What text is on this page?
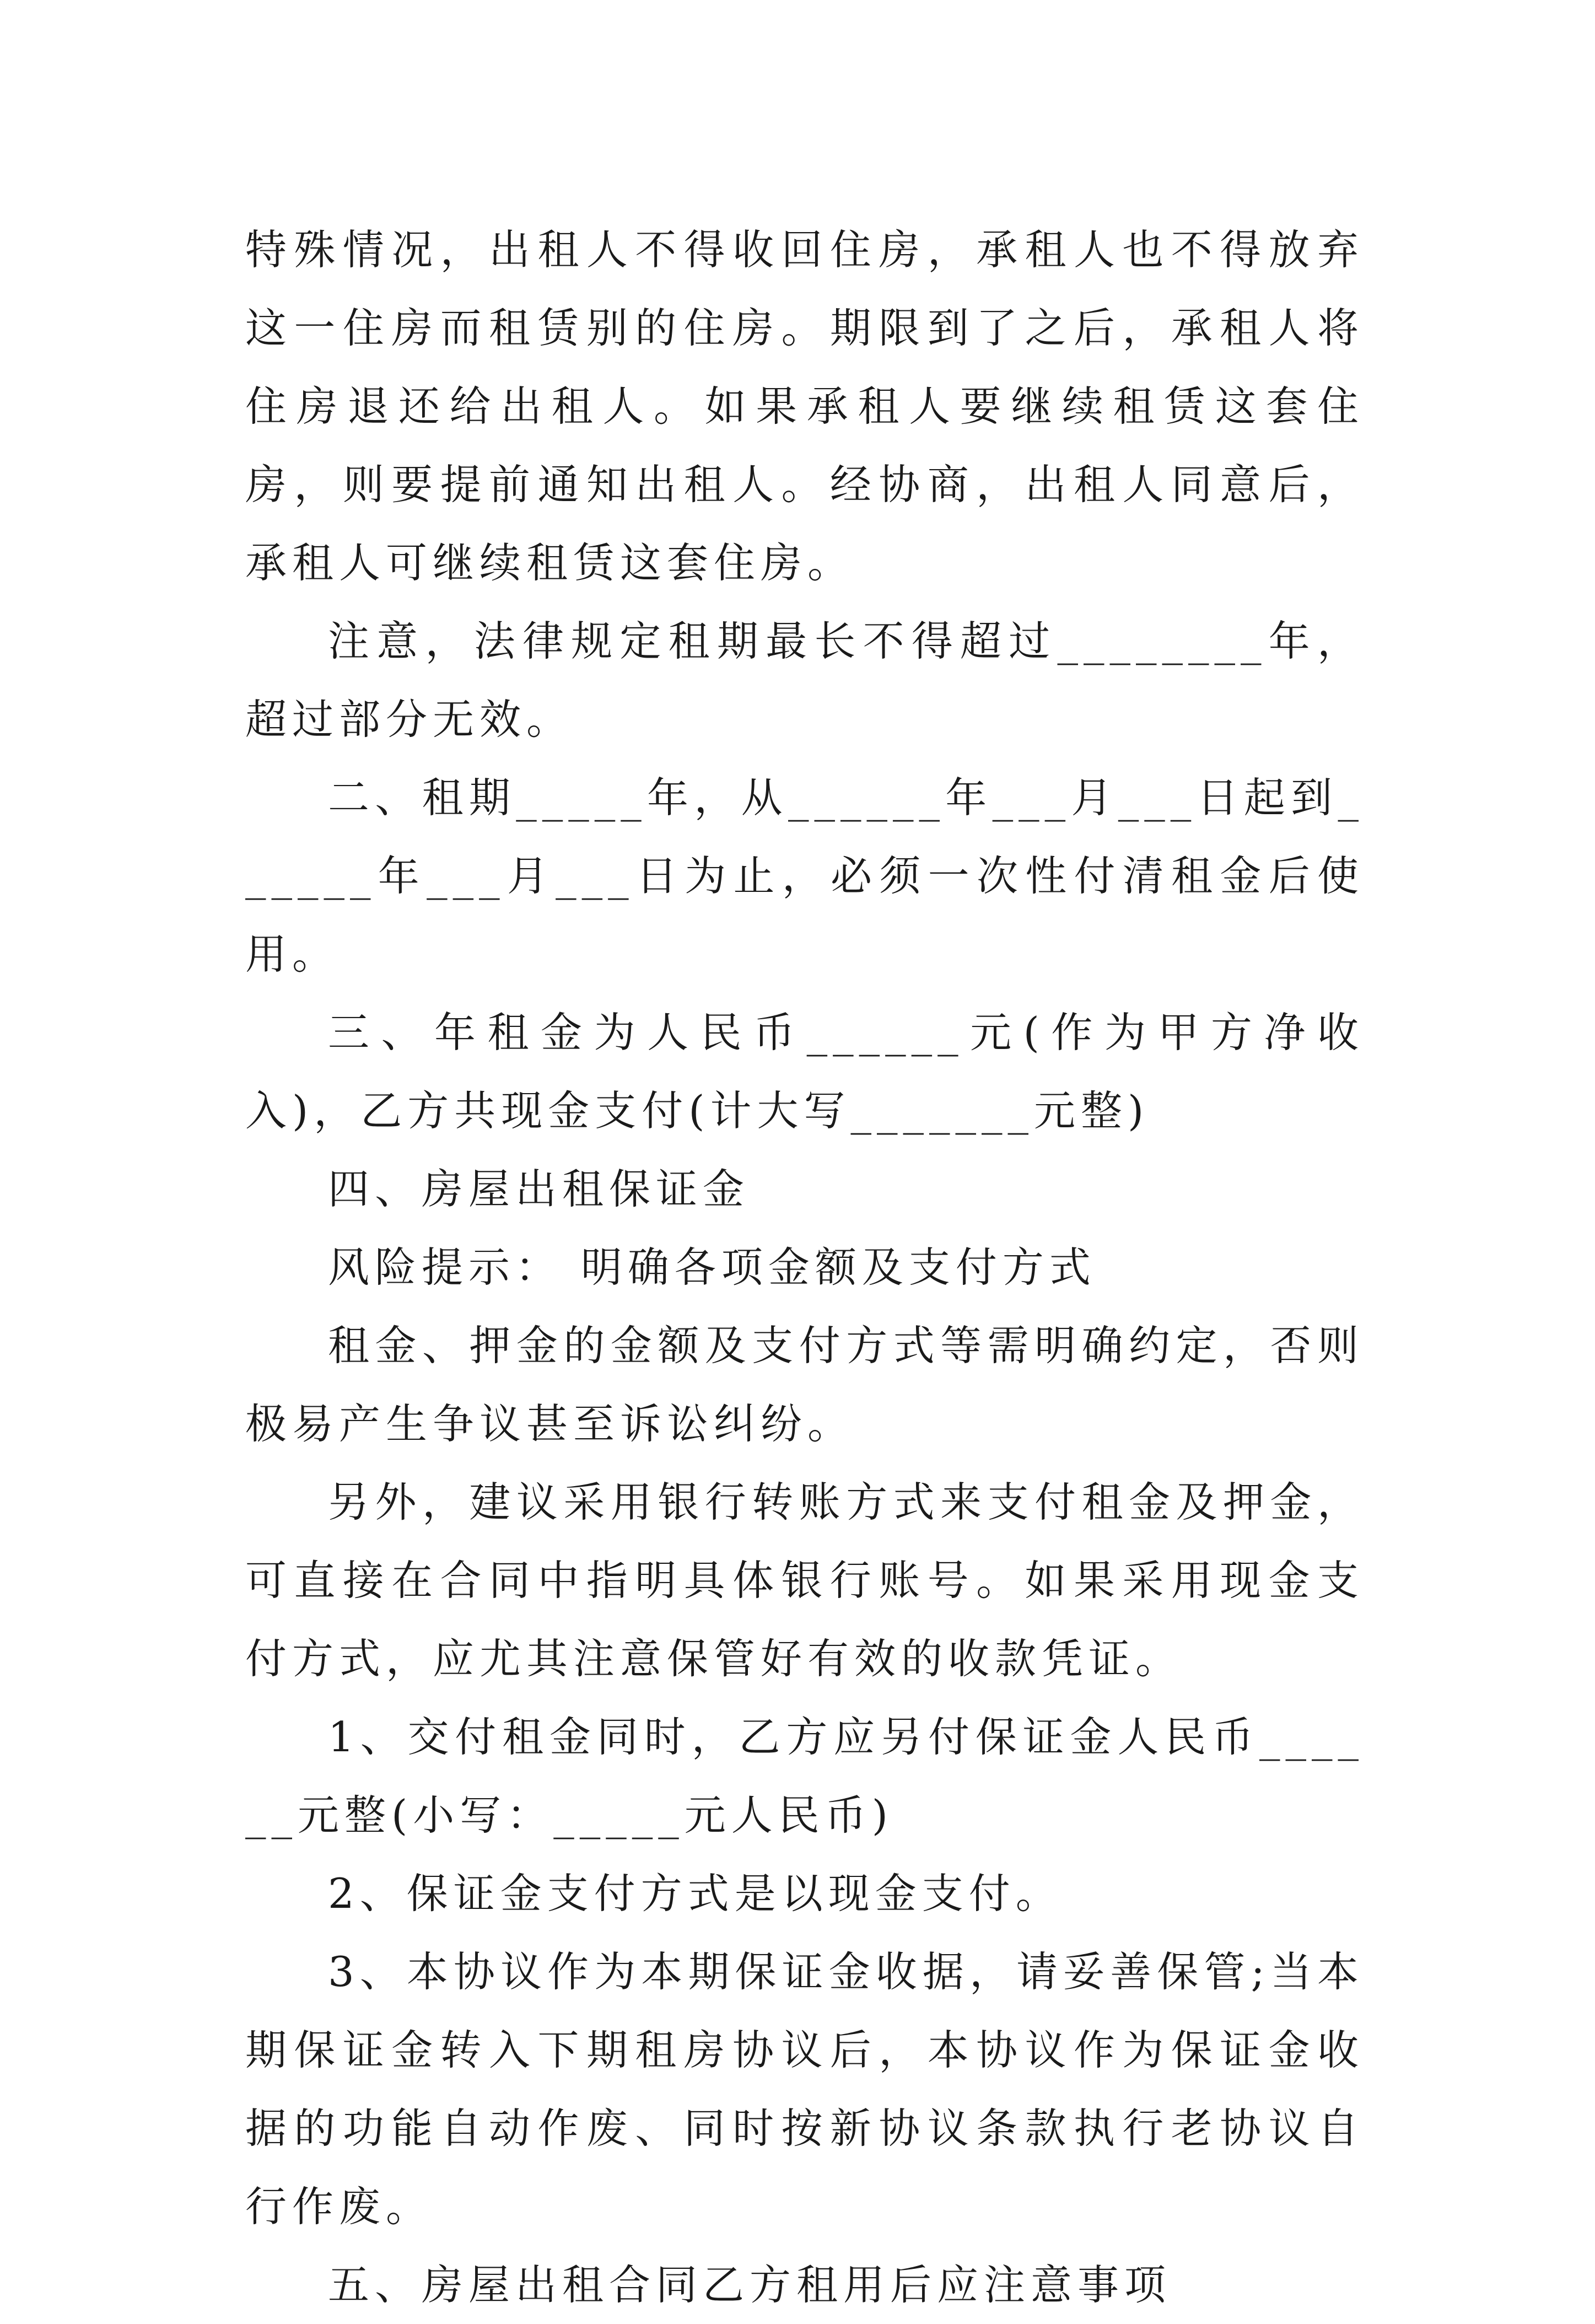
特殊情况，出租人不得收回住房，承租人也不得放弃这一住房而租赁别的住房。期限到了之后，承租人将住房退还给出租人。如果承租人要继续租赁这套住房，则要提前通知出租人。经协商，出租人同意后，承租人可继续租赁这套住房。

注意，法律规定租期最长不得超过________年，超过部分无效。

二、租期_____年，从______年___月___日起到______年___月___日为止，必须一次性付清租金后使用。

三、年租金为人民币______元(作为甲方净收入)，乙方共现金支付(计大写_______元整)

四、房屋出租保证金

风险提示： 明确各项金额及支付方式

租金、押金的金额及支付方式等需明确约定，否则极易产生争议甚至诉讼纠纷。

另外，建议采用银行转账方式来支付租金及押金，可直接在合同中指明具体银行账号。如果采用现金支付方式，应尤其注意保管好有效的收款凭证。

1、交付租金同时，乙方应另付保证金人民币______元整(小写：_____元人民币)

2、保证金支付方式是以现金支付。

3、本协议作为本期保证金收据，请妥善保管;当本期保证金转入下期租房协议后，本协议作为保证金收据的功能自动作废、同时按新协议条款执行老协议自行作废。

五、房屋出租合同乙方租用后应注意事项
